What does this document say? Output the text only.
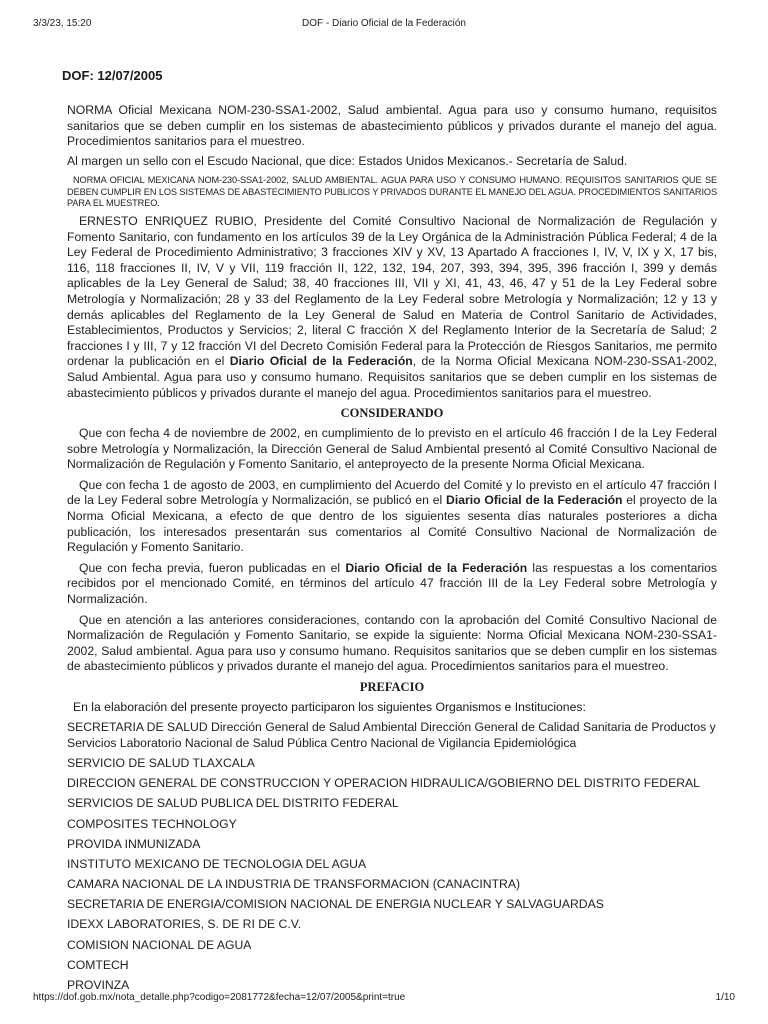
3/3/23, 15:20	DOF - Diario Oficial de la Federación
DOF: 12/07/2005

NORMA Oficial Mexicana NOM-230-SSA1-2002, Salud ambiental. Agua para uso y consumo humano, requisitos sanitarios que se deben cumplir en los sistemas de abastecimiento públicos y privados durante el manejo del agua. Procedimientos sanitarios para el muestreo.

Al margen un sello con el Escudo Nacional, que dice: Estados Unidos Mexicanos.- Secretaría de Salud.

NORMA OFICIAL MEXICANA NOM-230-SSA1-2002, SALUD AMBIENTAL. AGUA PARA USO Y CONSUMO HUMANO. REQUISITOS SANITARIOS QUE SE DEBEN CUMPLIR EN LOS SISTEMAS DE ABASTECIMIENTO PUBLICOS Y PRIVADOS DURANTE EL MANEJO DEL AGUA. PROCEDIMIENTOS SANITARIOS PARA EL MUESTREO.

ERNESTO ENRIQUEZ RUBIO, Presidente del Comité Consultivo Nacional de Normalización de Regulación y Fomento Sanitario, con fundamento en los artículos 39 de la Ley Orgánica de la Administración Pública Federal; 4 de la Ley Federal de Procedimiento Administrativo; 3 fracciones XIV y XV, 13 Apartado A fracciones I, IV, V, IX y X, 17 bis, 116, 118 fracciones II, IV, V y VII, 119 fracción II, 122, 132, 194, 207, 393, 394, 395, 396 fracción I, 399 y demás aplicables de la Ley General de Salud; 38, 40 fracciones III, VII y XI, 41, 43, 46, 47 y 51 de la Ley Federal sobre Metrología y Normalización; 28 y 33 del Reglamento de la Ley Federal sobre Metrología y Normalización; 12 y 13 y demás aplicables del Reglamento de la Ley General de Salud en Materia de Control Sanitario de Actividades, Establecimientos, Productos y Servicios; 2, literal C fracción X del Reglamento Interior de la Secretaría de Salud; 2 fracciones I y III, 7 y 12 fracción VI del Decreto Comisión Federal para la Protección de Riesgos Sanitarios, me permito ordenar la publicación en el Diario Oficial de la Federación, de la Norma Oficial Mexicana NOM-230-SSA1-2002, Salud Ambiental. Agua para uso y consumo humano. Requisitos sanitarios que se deben cumplir en los sistemas de abastecimiento públicos y privados durante el manejo del agua. Procedimientos sanitarios para el muestreo.

CONSIDERANDO

Que con fecha 4 de noviembre de 2002, en cumplimiento de lo previsto en el artículo 46 fracción I de la Ley Federal sobre Metrología y Normalización, la Dirección General de Salud Ambiental presentó al Comité Consultivo Nacional de Normalización de Regulación y Fomento Sanitario, el anteproyecto de la presente Norma Oficial Mexicana.

Que con fecha 1 de agosto de 2003, en cumplimiento del Acuerdo del Comité y lo previsto en el artículo 47 fracción I de la Ley Federal sobre Metrología y Normalización, se publicó en el Diario Oficial de la Federación el proyecto de la Norma Oficial Mexicana, a efecto de que dentro de los siguientes sesenta días naturales posteriores a dicha publicación, los interesados presentarán sus comentarios al Comité Consultivo Nacional de Normalización de Regulación y Fomento Sanitario.

Que con fecha previa, fueron publicadas en el Diario Oficial de la Federación las respuestas a los comentarios recibidos por el mencionado Comité, en términos del artículo 47 fracción III de la Ley Federal sobre Metrología y Normalización.

Que en atención a las anteriores consideraciones, contando con la aprobación del Comité Consultivo Nacional de Normalización de Regulación y Fomento Sanitario, se expide la siguiente: Norma Oficial Mexicana NOM-230-SSA1-2002, Salud ambiental. Agua para uso y consumo humano. Requisitos sanitarios que se deben cumplir en los sistemas de abastecimiento públicos y privados durante el manejo del agua. Procedimientos sanitarios para el muestreo.

PREFACIO

En la elaboración del presente proyecto participaron los siguientes Organismos e Instituciones:

SECRETARIA DE SALUD Dirección General de Salud Ambiental Dirección General de Calidad Sanitaria de Productos y Servicios Laboratorio Nacional de Salud Pública Centro Nacional de Vigilancia Epidemiológica

SERVICIO DE SALUD TLAXCALA

DIRECCION GENERAL DE CONSTRUCCION Y OPERACION HIDRAULICA/GOBIERNO DEL DISTRITO FEDERAL

SERVICIOS DE SALUD PUBLICA DEL DISTRITO FEDERAL

COMPOSITES TECHNOLOGY

PROVIDA INMUNIZADA

INSTITUTO MEXICANO DE TECNOLOGIA DEL AGUA

CAMARA NACIONAL DE LA INDUSTRIA DE TRANSFORMACION (CANACINTRA)

SECRETARIA DE ENERGIA/COMISION NACIONAL DE ENERGIA NUCLEAR Y SALVAGUARDAS

IDEXX LABORATORIES, S. DE RI DE C.V.

COMISION NACIONAL DE AGUA

COMTECH

PROVINZA

https://dof.gob.mx/nota_detalle.php?codigo=2081772&fecha=12/07/2005&print=true	1/10
